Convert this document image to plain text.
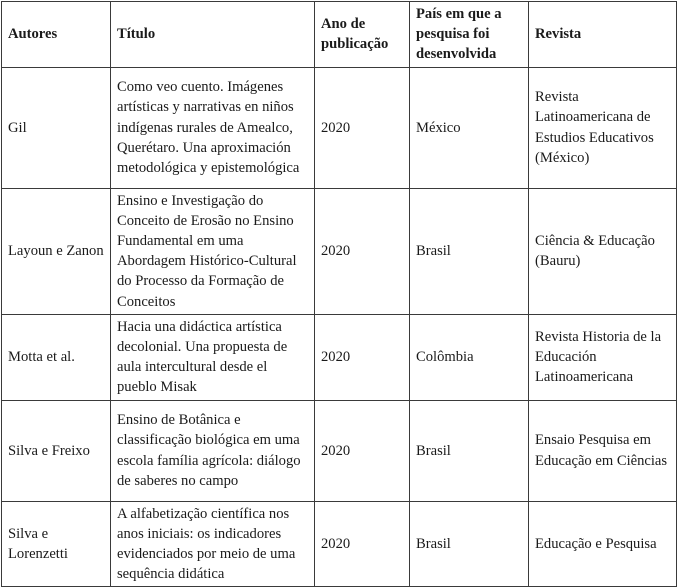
Autores	Título	Ano de publicação	País em que a pesquisa foi desenvolvida	Revista
Gil	Como veo cuento. Imágenes artísticas y narrativas en niños indígenas rurales de Amealco, Querétaro. Una aproximación metodológica y epistemológica	2020	México	Revista Latinoamericana de Estudios Educativos (México)
Layoun e Zanon	Ensino e Investigação do Conceito de Erosão no Ensino Fundamental em uma Abordagem Histórico-Cultural do Processo da Formação de Conceitos	2020	Brasil	Ciência & Educação (Bauru)
Motta et al.	Hacia una didáctica artística decolonial. Una propuesta de aula intercultural desde el pueblo Misak	2020	Colômbia	Revista Historia de la Educación Latinoamericana
Silva e Freixo	Ensino de Botânica e classificação biológica em uma escola família agrícola: diálogo de saberes no campo	2020	Brasil	Ensaio Pesquisa em Educação em Ciências
Silva e Lorenzetti	A alfabetização científica nos anos iniciais: os indicadores evidenciados por meio de uma sequência didática	2020	Brasil	Educação e Pesquisa
